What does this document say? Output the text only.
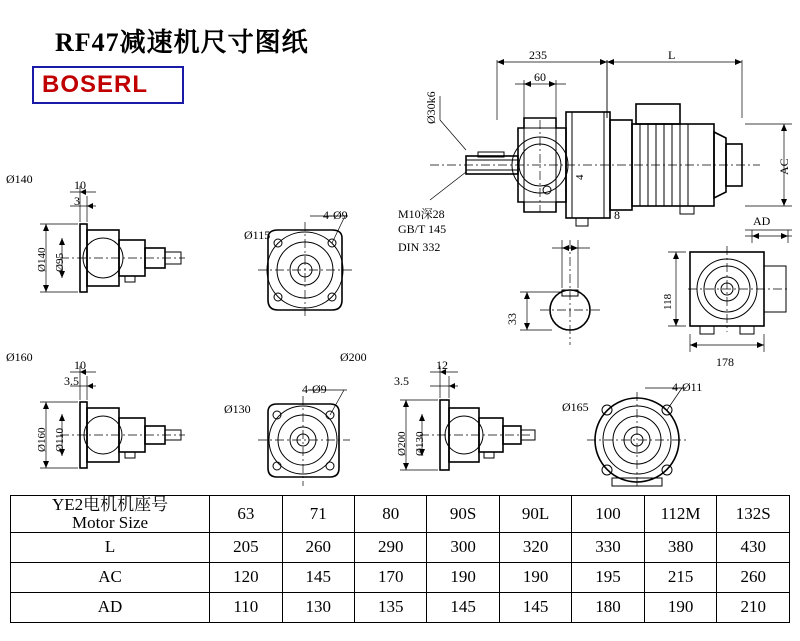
RF47减速机尺寸图纸
BOSERL
235	L
60
Ø30k6
M10深28
GB/T 145
DIN 332
4
AC
AD
8
33
118
178
Ø140	10
3
Ø140 Ø95
4-Ø9
Ø115
Ø160
10
3.5
Ø160 Ø110
4-Ø9
Ø130
Ø200
12
3.5
Ø200 Ø130
4-Ø11
Ø165
YE2电机机座号
Motor Size	63	71	80	90S	90L	100	112M	132S
L	205	260	290	300	320	330	380	430
AC	120	145	170	190	190	195	215	260
AD	110	130	135	145	145	180	190	210
